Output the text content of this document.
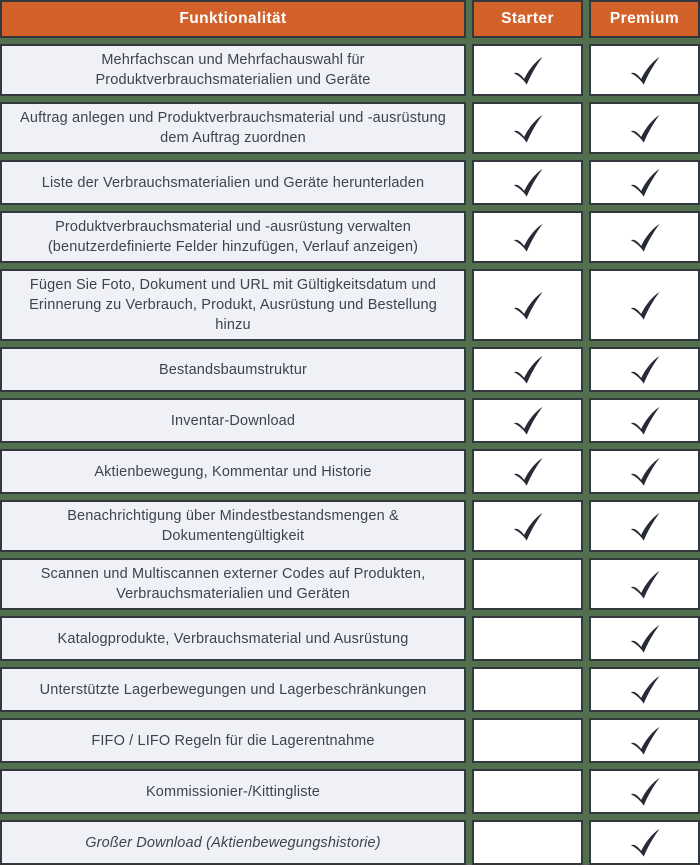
Funktionalität	Starter	Premium
Mehrfachscan und Mehrfachauswahl für Produktverbrauchsmaterialien und Geräte
Auftrag anlegen und Produktverbrauchsmaterial und -ausrüstung dem Auftrag zuordnen
Liste der Verbrauchsmaterialien und Geräte herunterladen
Produktverbrauchsmaterial und -ausrüstung verwalten (benutzerdefinierte Felder hinzufügen, Verlauf anzeigen)
Fügen Sie Foto, Dokument und URL mit Gültigkeitsdatum und Erinnerung zu Verbrauch, Produkt, Ausrüstung und Bestellung hinzu
Bestandsbaumstruktur
Inventar-Download
Aktienbewegung, Kommentar und Historie
Benachrichtigung über Mindestbestandsmengen & Dokumentengültigkeit
Scannen und Multiscannen externer Codes auf Produkten, Verbrauchsmaterialien und Geräten
Katalogprodukte, Verbrauchsmaterial und Ausrüstung
Unterstützte Lagerbewegungen und Lagerbeschränkungen
FIFO / LIFO Regeln für die Lagerentnahme
Kommissionier-/Kittingliste
Großer Download (Aktienbewegungshistorie)
